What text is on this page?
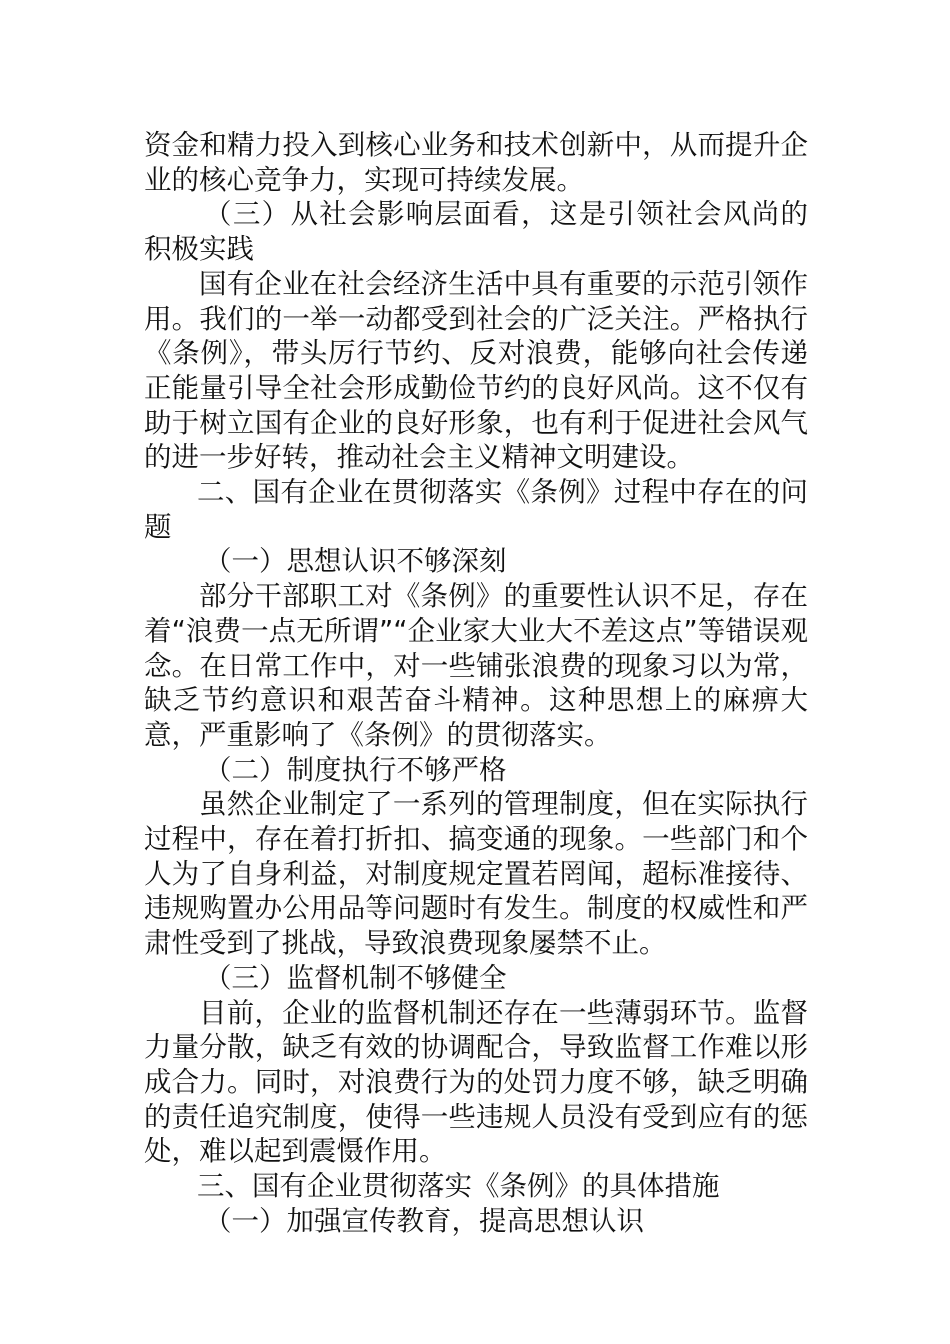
资金和精力投入到核心业务和技术创新中，从而提升企业的核心竞争力，实现可持续发展。

（三）从社会影响层面看，这是引领社会风尚的积极实践

国有企业在社会经济生活中具有重要的示范引领作用。我们的一举一动都受到社会的广泛关注。严格执行《条例》，带头厉行节约、反对浪费，能够向社会传递正能量引导全社会形成勤俭节约的良好风尚。这不仅有助于树立国有企业的良好形象，也有利于促进社会风气的进一步好转，推动社会主义精神文明建设。

二、国有企业在贯彻落实《条例》过程中存在的问题

（一）思想认识不够深刻

部分干部职工对《条例》的重要性认识不足，存在着“浪费一点无所谓”“企业家大业大不差这点”等错误观念。在日常工作中，对一些铺张浪费的现象习以为常，缺乏节约意识和艰苦奋斗精神。这种思想上的麻痹大意，严重影响了《条例》的贯彻落实。

（二）制度执行不够严格

虽然企业制定了一系列的管理制度，但在实际执行过程中，存在着打折扣、搞变通的现象。一些部门和个人为了自身利益，对制度规定置若罔闻，超标准接待、违规购置办公用品等问题时有发生。制度的权威性和严肃性受到了挑战，导致浪费现象屡禁不止。

（三）监督机制不够健全

目前，企业的监督机制还存在一些薄弱环节。监督力量分散，缺乏有效的协调配合，导致监督工作难以形成合力。同时，对浪费行为的处罚力度不够，缺乏明确的责任追究制度，使得一些违规人员没有受到应有的惩处，难以起到震慑作用。

三、国有企业贯彻落实《条例》的具体措施

（一）加强宣传教育，提高思想认识
